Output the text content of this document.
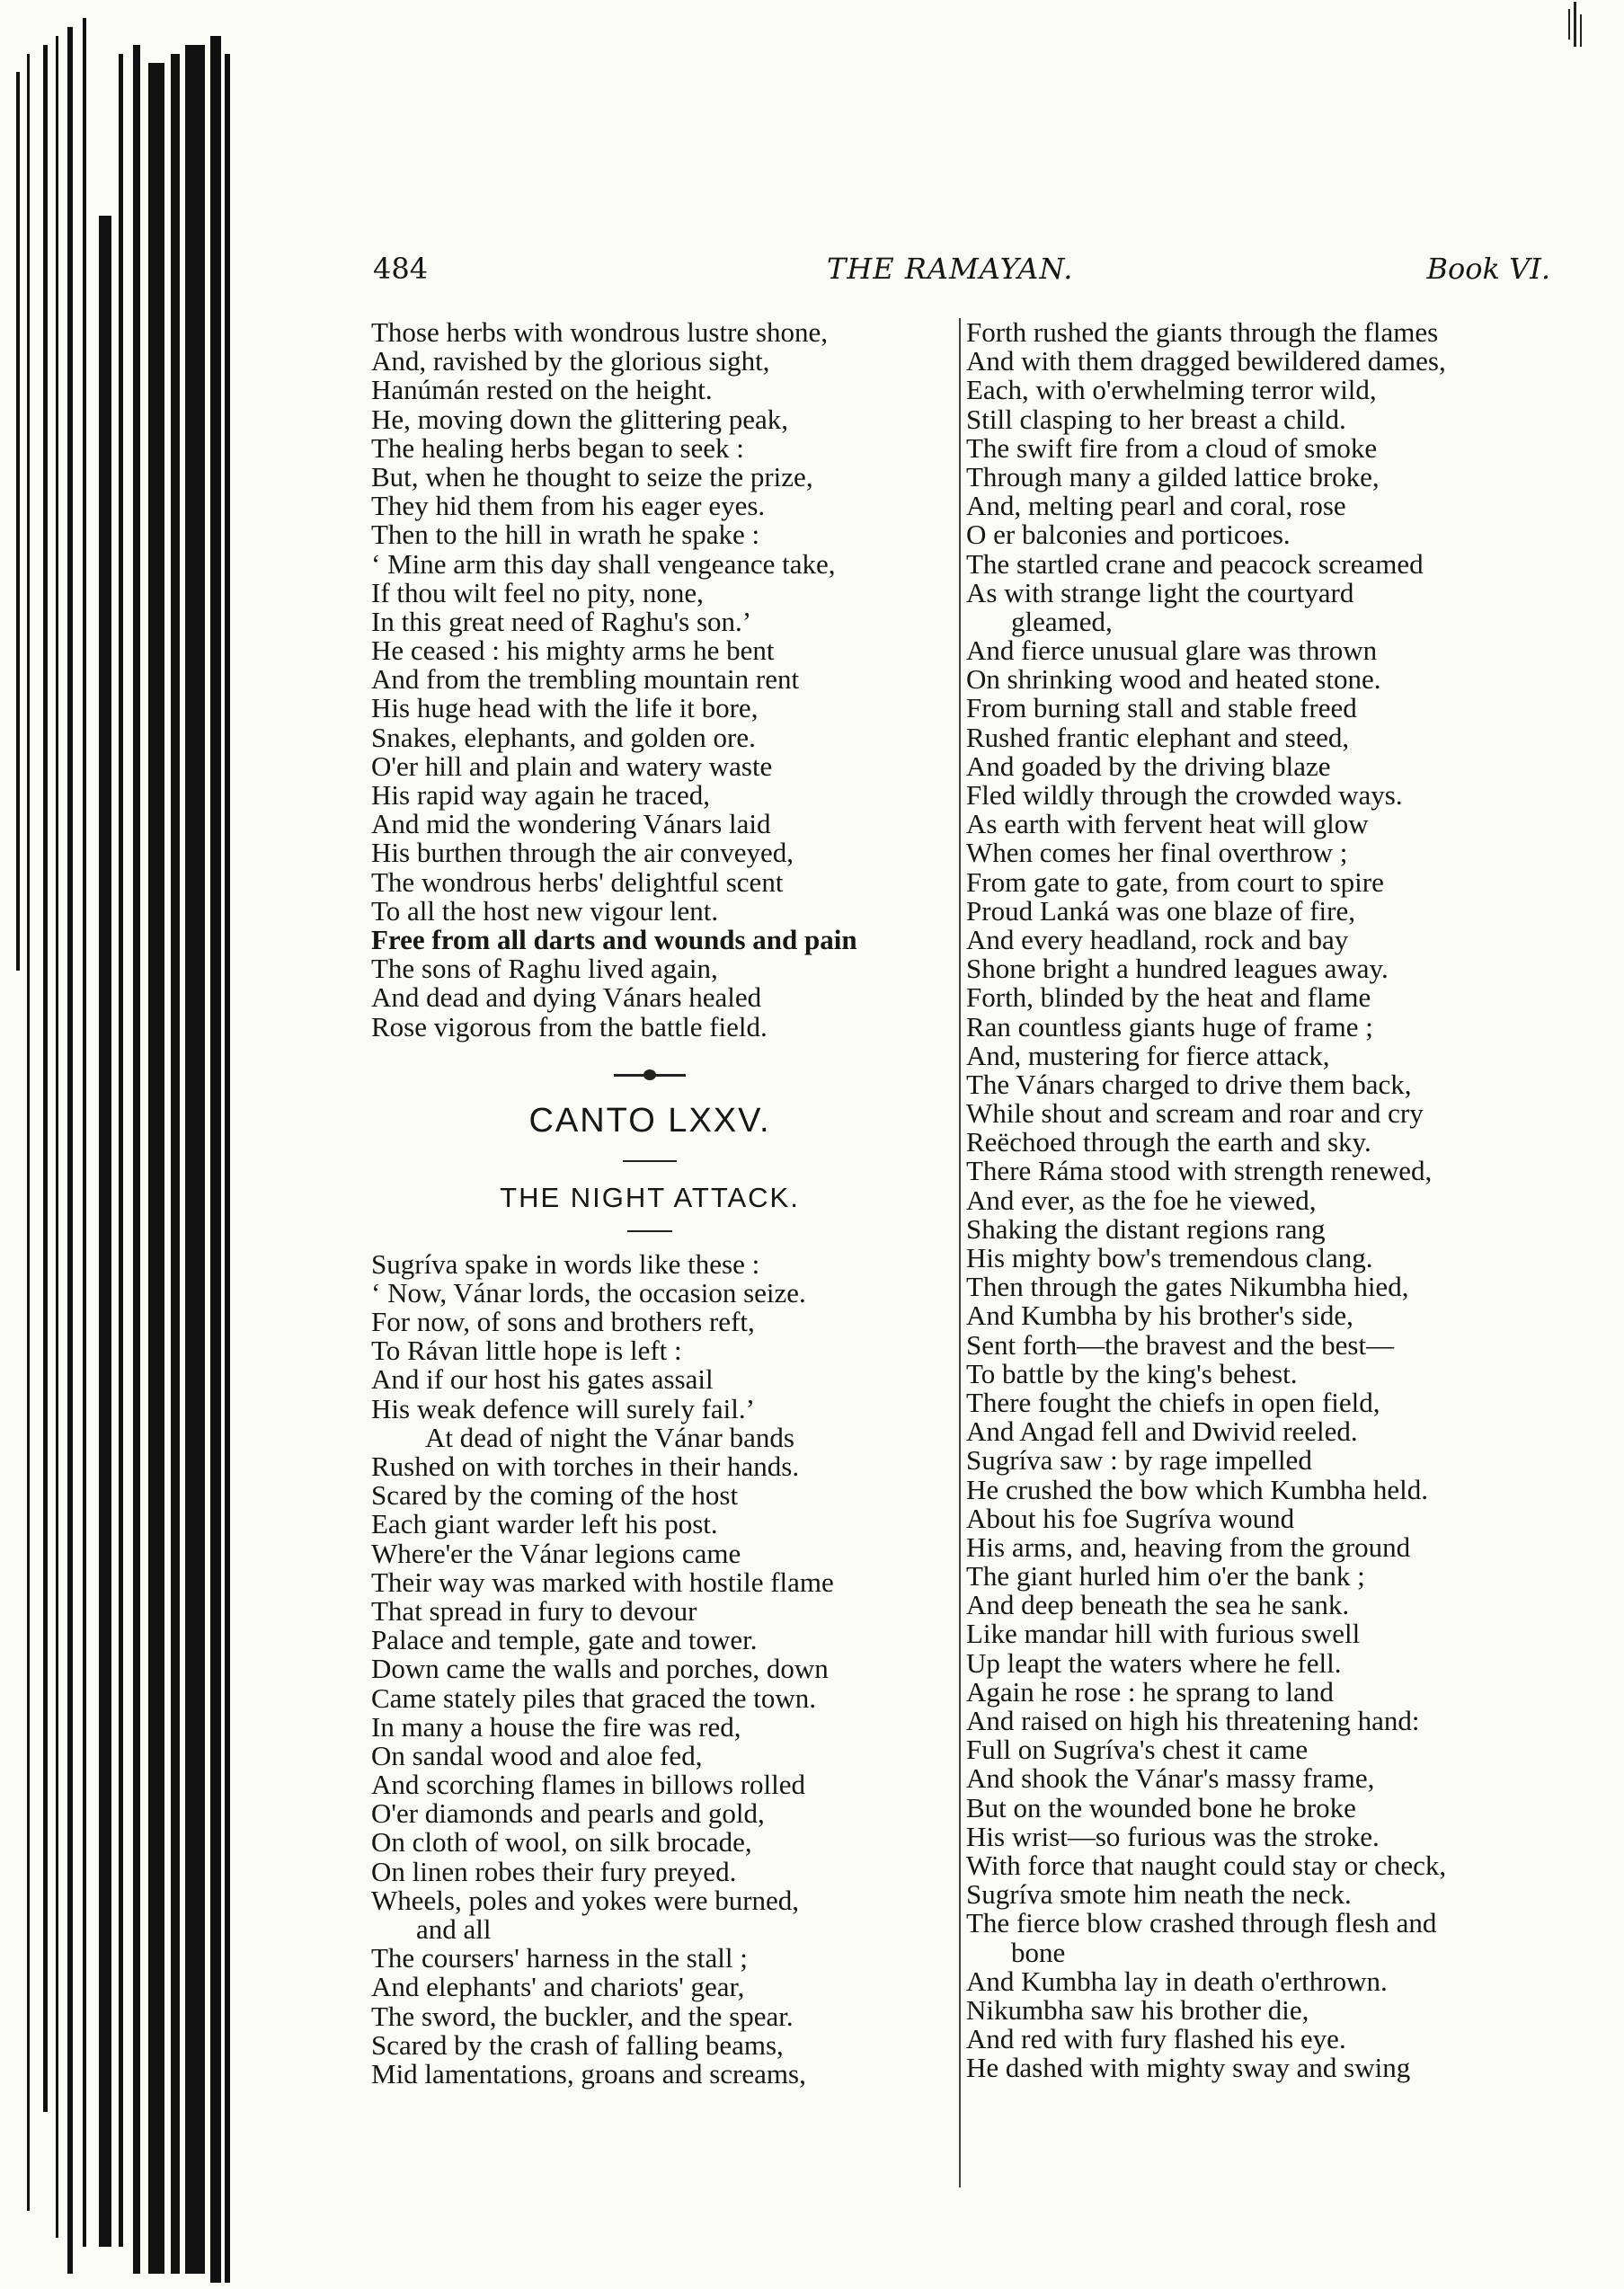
484	THE RAMAYAN.	Book VI.
Those herbs with wondrous lustre shone,
And, ravished by the glorious sight,
Hanúmán rested on the height.
He, moving down the glittering peak,
The healing herbs began to seek :
But, when he thought to seize the prize,
They hid them from his eager eyes.
Then to the hill in wrath he spake :
‘ Mine arm this day shall vengeance take,
If thou wilt feel no pity, none,
In this great need of Raghu's son.’
He ceased : his mighty arms he bent
And from the trembling mountain rent
His huge head with the life it bore,
Snakes, elephants, and golden ore.
O'er hill and plain and watery waste
His rapid way again he traced,
And mid the wondering Vánars laid
His burthen through the air conveyed,
The wondrous herbs' delightful scent
To all the host new vigour lent.
Free from all darts and wounds and pain
The sons of Raghu lived again,
And dead and dying Vánars healed
Rose vigorous from the battle field.
CANTO LXXV.
THE NIGHT ATTACK.
Sugríva spake in words like these :
‘ Now, Vánar lords, the occasion seize.
For now, of sons and brothers reft,
To Rávan little hope is left :
And if our host his gates assail
His weak defence will surely fail.’
At dead of night the Vánar bands
Rushed on with torches in their hands.
Scared by the coming of the host
Each giant warder left his post.
Where'er the Vánar legions came
Their way was marked with hostile flame
That spread in fury to devour
Palace and temple, gate and tower.
Down came the walls and porches, down
Came stately piles that graced the town.
In many a house the fire was red,
On sandal wood and aloe fed,
And scorching flames in billows rolled
O'er diamonds and pearls and gold,
On cloth of wool, on silk brocade,
On linen robes their fury preyed.
Wheels, poles and yokes were burned,
and all
The coursers' harness in the stall ;
And elephants' and chariots' gear,
The sword, the buckler, and the spear.
Scared by the crash of falling beams,
Mid lamentations, groans and screams,
Forth rushed the giants through the flames
And with them dragged bewildered dames,
Each, with o'erwhelming terror wild,
Still clasping to her breast a child.
The swift fire from a cloud of smoke
Through many a gilded lattice broke,
And, melting pearl and coral, rose
O er balconies and porticoes.
The startled crane and peacock screamed
As with strange light the courtyard
gleamed,
And fierce unusual glare was thrown
On shrinking wood and heated stone.
From burning stall and stable freed
Rushed frantic elephant and steed,
And goaded by the driving blaze
Fled wildly through the crowded ways.
As earth with fervent heat will glow
When comes her final overthrow ;
From gate to gate, from court to spire
Proud Lanká was one blaze of fire,
And every headland, rock and bay
Shone bright a hundred leagues away.
Forth, blinded by the heat and flame
Ran countless giants huge of frame ;
And, mustering for fierce attack,
The Vánars charged to drive them back,
While shout and scream and roar and cry
Reëchoed through the earth and sky.
There Ráma stood with strength renewed,
And ever, as the foe he viewed,
Shaking the distant regions rang
His mighty bow's tremendous clang.
Then through the gates Nikumbha hied,
And Kumbha by his brother's side,
Sent forth—the bravest and the best—
To battle by the king's behest.
There fought the chiefs in open field,
And Angad fell and Dwivid reeled.
Sugríva saw : by rage impelled
He crushed the bow which Kumbha held.
About his foe Sugríva wound
His arms, and, heaving from the ground
The giant hurled him o'er the bank ;
And deep beneath the sea he sank.
Like mandar hill with furious swell
Up leapt the waters where he fell.
Again he rose : he sprang to land
And raised on high his threatening hand:
Full on Sugríva's chest it came
And shook the Vánar's massy frame,
But on the wounded bone he broke
His wrist—so furious was the stroke.
With force that naught could stay or check,
Sugríva smote him neath the neck.
The fierce blow crashed through flesh and
bone
And Kumbha lay in death o'erthrown.
Nikumbha saw his brother die,
And red with fury flashed his eye.
He dashed with mighty sway and swing
